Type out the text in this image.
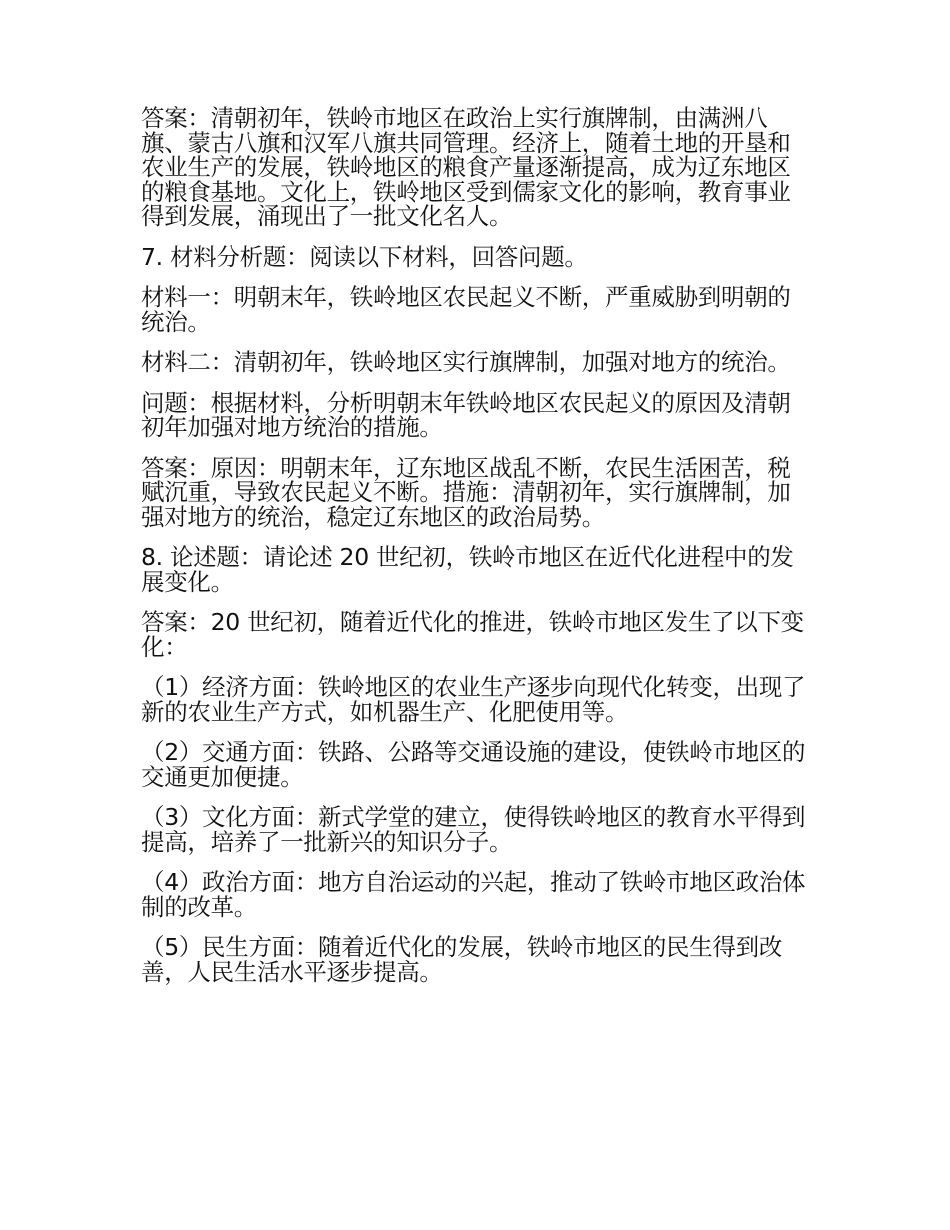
答案：清朝初年，铁岭市地区在政治上实行旗牌制，由满洲八旗、蒙古八旗和汉军八旗共同管理。经济上，随着土地的开垦和农业生产的发展，铁岭地区的粮食产量逐渐提高，成为辽东地区的粮食基地。文化上，铁岭地区受到儒家文化的影响，教育事业得到发展，涌现出了一批文化名人。

7. 材料分析题：阅读以下材料，回答问题。

材料一：明朝末年，铁岭地区农民起义不断，严重威胁到明朝的统治。

材料二：清朝初年，铁岭地区实行旗牌制，加强对地方的统治。

问题：根据材料，分析明朝末年铁岭地区农民起义的原因及清朝初年加强对地方统治的措施。

答案：原因：明朝末年，辽东地区战乱不断，农民生活困苦，税赋沉重，导致农民起义不断。措施：清朝初年，实行旗牌制，加强对地方的统治，稳定辽东地区的政治局势。

8. 论述题：请论述 20 世纪初，铁岭市地区在近代化进程中的发展变化。

答案：20 世纪初，随着近代化的推进，铁岭市地区发生了以下变化：

（1）经济方面：铁岭地区的农业生产逐步向现代化转变，出现了新的农业生产方式，如机器生产、化肥使用等。

（2）交通方面：铁路、公路等交通设施的建设，使铁岭市地区的交通更加便捷。

（3）文化方面：新式学堂的建立，使得铁岭地区的教育水平得到提高，培养了一批新兴的知识分子。

（4）政治方面：地方自治运动的兴起，推动了铁岭市地区政治体制的改革。

（5）民生方面：随着近代化的发展，铁岭市地区的民生得到改善，人民生活水平逐步提高。
